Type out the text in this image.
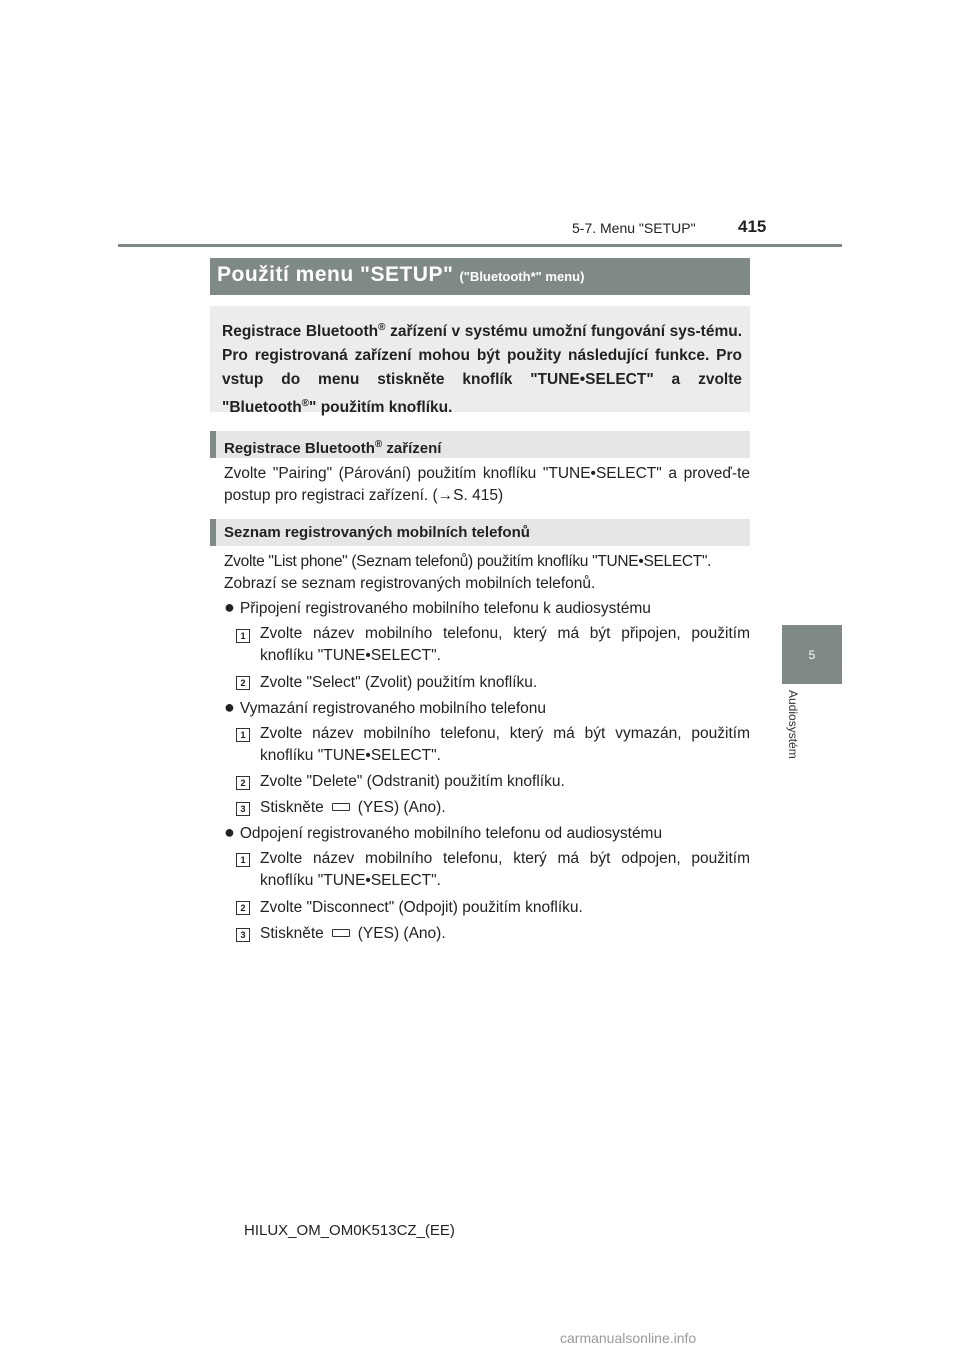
5-7. Menu "SETUP" 415
5
Audiosystém
Použití menu "SETUP" ("Bluetooth*" menu)
Registrace Bluetooth® zařízení v systému umožní fungování sys-tému. Pro registrovaná zařízení mohou být použity následující funkce. Pro vstup do menu stiskněte knoflík "TUNE•SELECT" a zvolte "Bluetooth®" použitím knoflíku.
Registrace Bluetooth® zařízení
Zvolte "Pairing" (Párování) použitím knoflíku "TUNE•SELECT" a proveď-te postup pro registraci zařízení. (→S. 415)
Seznam registrovaných mobilních telefonů
Zvolte "List phone" (Seznam telefonů) použitím knoflíku "TUNE•SELECT".
Zobrazí se seznam registrovaných mobilních telefonů.
● Připojení registrovaného mobilního telefonu k audiosystému
1 Zvolte název mobilního telefonu, který má být připojen, použitím knoflíku "TUNE•SELECT".
2 Zvolte "Select" (Zvolit) použitím knoflíku.
● Vymazání registrovaného mobilního telefonu
1 Zvolte název mobilního telefonu, který má být vymazán, použitím knoflíku "TUNE•SELECT".
2 Zvolte "Delete" (Odstranit) použitím knoflíku.
3 Stiskněte (YES) (Ano).
● Odpojení registrovaného mobilního telefonu od audiosystému
1 Zvolte název mobilního telefonu, který má být odpojen, použitím knoflíku "TUNE•SELECT".
2 Zvolte "Disconnect" (Odpojit) použitím knoflíku.
3 Stiskněte (YES) (Ano).
HILUX_OM_OM0K513CZ_(EE)
carmanualsonline.info
